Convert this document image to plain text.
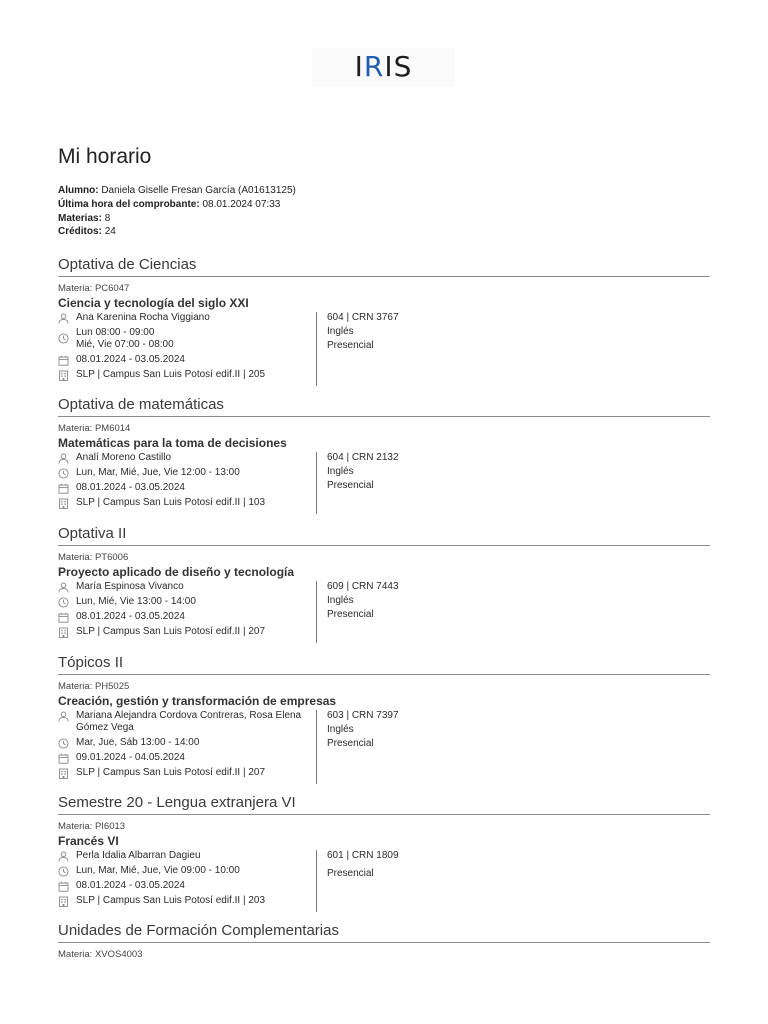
IRIS
Mi horario
Alumno: Daniela Giselle Fresan García (A01613125)
Última hora del comprobante: 08.01.2024 07:33
Materias: 8
Créditos: 24
Optativa de Ciencias
Materia: PC6047
Ciencia y tecnología del siglo XXI
Ana Karenina Rocha Viggiano
Lun 08:00 - 09:00
Mié, Vie 07:00 - 08:00
08.01.2024 - 03.05.2024
SLP | Campus San Luis Potosí edif.II | 205
604 | CRN 3767
Inglés
Presencial
Optativa de matemáticas
Materia: PM6014
Matemáticas para la toma de decisiones
Analí Moreno Castillo
Lun, Mar, Mié, Jue, Vie 12:00 - 13:00
08.01.2024 - 03.05.2024
SLP | Campus San Luis Potosí edif.II | 103
604 | CRN 2132
Inglés
Presencial
Optativa II
Materia: PT6006
Proyecto aplicado de diseño y tecnología
María Espinosa Vivanco
Lun, Mié, Vie 13:00 - 14:00
08.01.2024 - 03.05.2024
SLP | Campus San Luis Potosí edif.II | 207
609 | CRN 7443
Inglés
Presencial
Tópicos II
Materia: PH5025
Creación, gestión y transformación de empresas
Mariana Alejandra Cordova Contreras, Rosa Elena
Gómez Vega
Mar, Jue, Sáb 13:00 - 14:00
09.01.2024 - 04.05.2024
SLP | Campus San Luis Potosí edif.II | 207
603 | CRN 7397
Inglés
Presencial
Semestre 20 - Lengua extranjera VI
Materia: PI6013
Francés VI
Perla Idalia Albarran Dagieu
Lun, Mar, Mié, Jue, Vie 09:00 - 10:00
08.01.2024 - 03.05.2024
SLP | Campus San Luis Potosí edif.II | 203
601 | CRN 1809
Presencial
Unidades de Formación Complementarias
Materia: XVOS4003
